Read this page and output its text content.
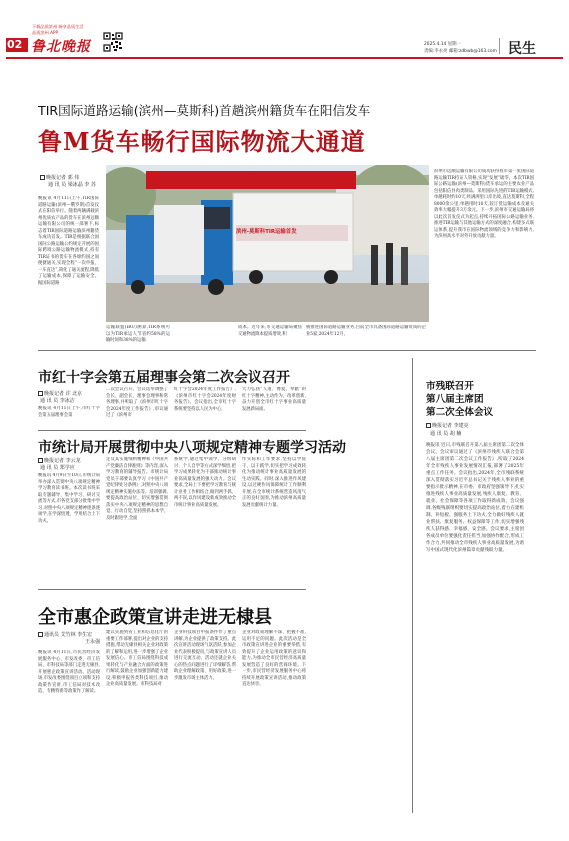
02 鲁北晚报
下载品质滨州 畅享品质生活
品质滨州 APP
2025.4.14 星期一
责编:李永亮 邮箱:zdbwb@163.com 民生
TIR国际道路运输(滨州—莫斯科)首趟滨州籍货车在阳信发车
鲁M货车畅行国际物流大通道
晚报记者 郭 伟
通 讯 员 梁冰晶 李 苏
晚报讯 4月11日上午,TIR国际道路运输(滨州—俄罗斯)首发仪式在阳信举行。随着两辆满载滨州优质农产品的货车在滨州远顺运输有限公司的统一部署下,标志着TIR国际道路运输滨州籍货车成功首发。TIR是根据联合国国际公路运输公约规定开展的国际跨境公路运输物流模式,持有TIR证书的货车在各缔约国之间便捷通关,实现全程“一次申报、一车直达”,简化了通关流程,降低了运输成本,保障了运输安全。据国际道路
滨州-莫斯科TIR运输首发
运输联盟(IRU)测算,TIR系统可以为TIR承运人节省约58%的运输时间和38%的运输
成本。近年来,市交通运输局聚焦交通物流降本提质增效,积
极推进国际道路运输业务,目前全市具备国际道路运输资质的企业5家,2024年12月,
滨州市远顺运输有限公司成功获得我市第一张国际道路运输TIR持证人资格,实现“发展”破零。本次TIR国际公路运输(滨州—莫斯科)货车承运的主要农业产品包括阳信县肉类制品。采用国际先进的TIR运输模式,单趟耗时约10天,经满洲里口岸出境,直达莫斯科,全程8000余公里,单趟用时10天,较订货运输成本及通关效率大幅提升3万余元。下一步,滨州市交通运输局将以此次首发仪式为起点,持续开拓国际公路运输业务,推进TIR运输与其他运输方式的深度融合,构建多式联运体系,提升我市在国际物流领域的竞争力和影响力,为滨州高水平对外开放贡献力量。
市红十字会第五届理事会第二次会议召开
晚报记者 许 北京
通 讯 员 李冰洁
晚报讯 4月11日上午,市红十字会第五届理事会第
二次会议召开。会议选举调整了会长、副会长、理事会理事和常务理事,并听取了《滨州市红十字会2024年度工作报告》,审议通过了《滨州市
红十字会2024年度工作报告》,《滨州市红十字会2024年度财务报告》。会议指出,全市红十字系统要坚持以人民为中心,
大力弘扬“人道、博爱、奉献”的红十字精神,主动作为、改革创新,奋力开创全市红十字事业高质量发展新局面。
市统计局开展贯彻中央八项规定精神专题学习活动
晚报记者 李云龙
通 讯 员 郑学应
晚报讯 4月9日至10日,市统计局举办深入贯彻中央八项规定精神学习教育读书班。本次读书班采取专题辅导、集中学习、研讨交流等方式,市各党支部分批集中学习,对照中央八项规定精神逐条逐项学,在学深悟透、学用结合上下功夫。
定及其实施细则精神和《中国共产党廉洁自律准则》等内容,深入学习教育的辅导报告。市统计局党员干部要认真学习《中国共产党纪律处分条例》,对照中央八项规定精神实施办法等。培训强调,要提高政治站位、切实增强贯彻落实中央八项规定精神的思想自觉、行动自觉,坚持照抓本本学、及时跟进学,全面
系统学,通过集中领学、分组研讨、个人自学等方式深学细悟,把学习成果转化为干部推动统计事业高质量发展的强大动力。会议要求,全局上下要把学习教育与统计业务工作相结合,做到两手抓、两不误,以作风建设新成效推动全市统计事业高质量发展。
作实际和工作要求,坚持以学促干、以干践学,切实把学习成效转化为推动统计事业高质量发展的生动实践。同时,深入推进作风建设,以过硬作风保障统计工作顺利开展,在全市统计系统营造风清气正的良好氛围,为推动滨州高质量发展贡献统计力量。
全市惠企政策宣讲走进无棣县
通讯员 艾竹林 李生宏
王永强
晚报讯 4月11日,市民营经济发展服务中心、市发改委、市工信局、市科技局等部门走进无棣县,开展惠企政策宣讲活动。活动现场,市发改委围绕项目立项和支持政策作宣讲,市工信局对技术改造、专精特新等政策作了解读。
建议实施到省工业和信息化厅的重要工作部署,提出对企业的支持措施,带动无棣县相关企业对政策的了解和运用,进一步增强了企业发展信心。市工信局围绕科技成果转化与产业融合方面的政策进行解读,鼓励企业加强创新能力建设,积极申报各类科技项目,推动企业高质量发展。市科技局对
企业科技项目申报条件作了重点讲解,为企业提供了政策支持。此次宣讲活动现场气氛活跃,参加企业代表积极提问,与政策宣讲人员进行交流互动。活动还就企业关心的热点问题进行了详细解答,帮助企业理解政策、用好政策,进一步激发市场主体活力。
企业对政策理解不深、把握不准,运用不足的问题。此次活动是全市政策宣讲进企业的重要举措,有效提升了企业运用政策的意识和能力,为推动全市民营经济高质量发展营造了良好的营商环境。下一步,市民营经济发展服务中心将持续开展政策宣讲活动,推动政策直达快享。
市残联召开
第八届主席团
第二次全体会议
晚报记者 李建亮
通 讯 员 胡 楠
晚报讯 近日,市残联召开第八届主席团第二次全体会议。会议审议通过了《滨州市残疾人联合会第八届主席团第二次会议工作报告》,听取了2024年全市残疾人事业发展情况汇报,部署了2025年重点工作任务。会议指出,2024年,全市残联系统深入贯彻落实习近平总书记关于残疾人事业的重要指示批示精神,在市委、市政府坚强领导下,扎实推进残疾人事业高质量发展,残疾人康复、教育、就业、社会保障等各项工作取得新成效。会议强调,各级残联组织要切实提高政治站位,着力在建机制、补短板、强服务上下功夫,全力做好残疾人就业帮扶、康复服务、权益保障等工作,切实增强残疾人获得感、幸福感、安全感。会议要求,主席团各成员单位要强化责任担当,加强协作配合,形成工作合力,共同推动全市残疾人事业高质量发展,为谱写中国式现代化滨州篇章贡献残联力量。
